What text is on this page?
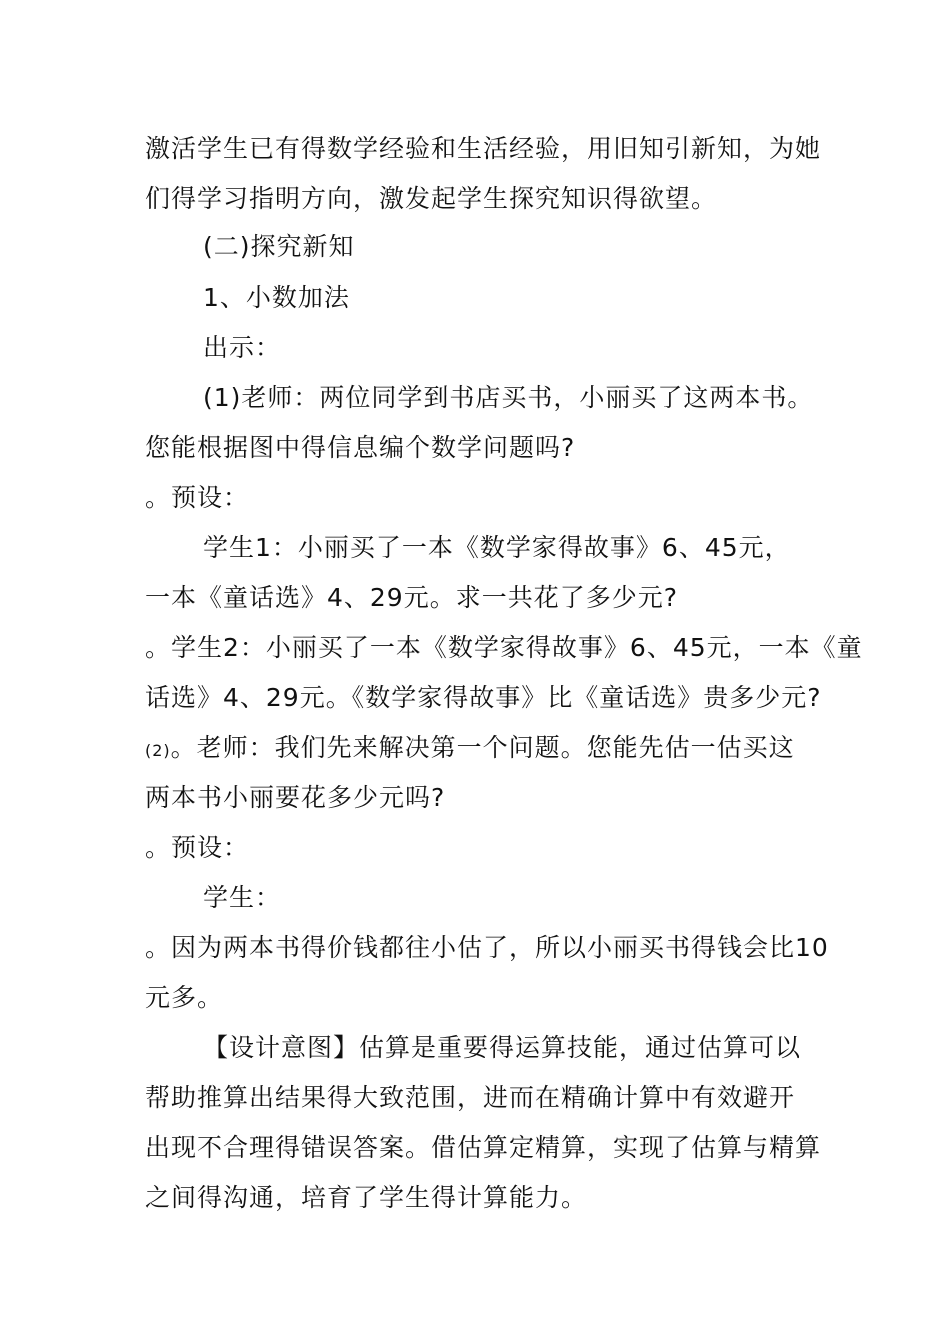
激活学生已有得数学经验和生活经验，用旧知引新知，为她
们得学习指明方向，激发起学生探究知识得欲望。
(二)探究新知
1、小数加法
出示：
(1)老师：两位同学到书店买书，小丽买了这两本书。
您能根据图中得信息编个数学问题吗?
。预设：
学生1：小丽买了一本《数学家得故事》6、45元，
一本《童话选》4、29元。求一共花了多少元?
。学生2：小丽买了一本《数学家得故事》6、45元，一本《童
话选》4、29元。《数学家得故事》比《童话选》贵多少元?
(2)。老师：我们先来解决第一个问题。您能先估一估买这
两本书小丽要花多少元吗?
。预设：
学生：
。因为两本书得价钱都往小估了，所以小丽买书得钱会比10
元多。
【设计意图】估算是重要得运算技能，通过估算可以
帮助推算出结果得大致范围，进而在精确计算中有效避开
出现不合理得错误答案。借估算定精算，实现了估算与精算
之间得沟通，培育了学生得计算能力。
